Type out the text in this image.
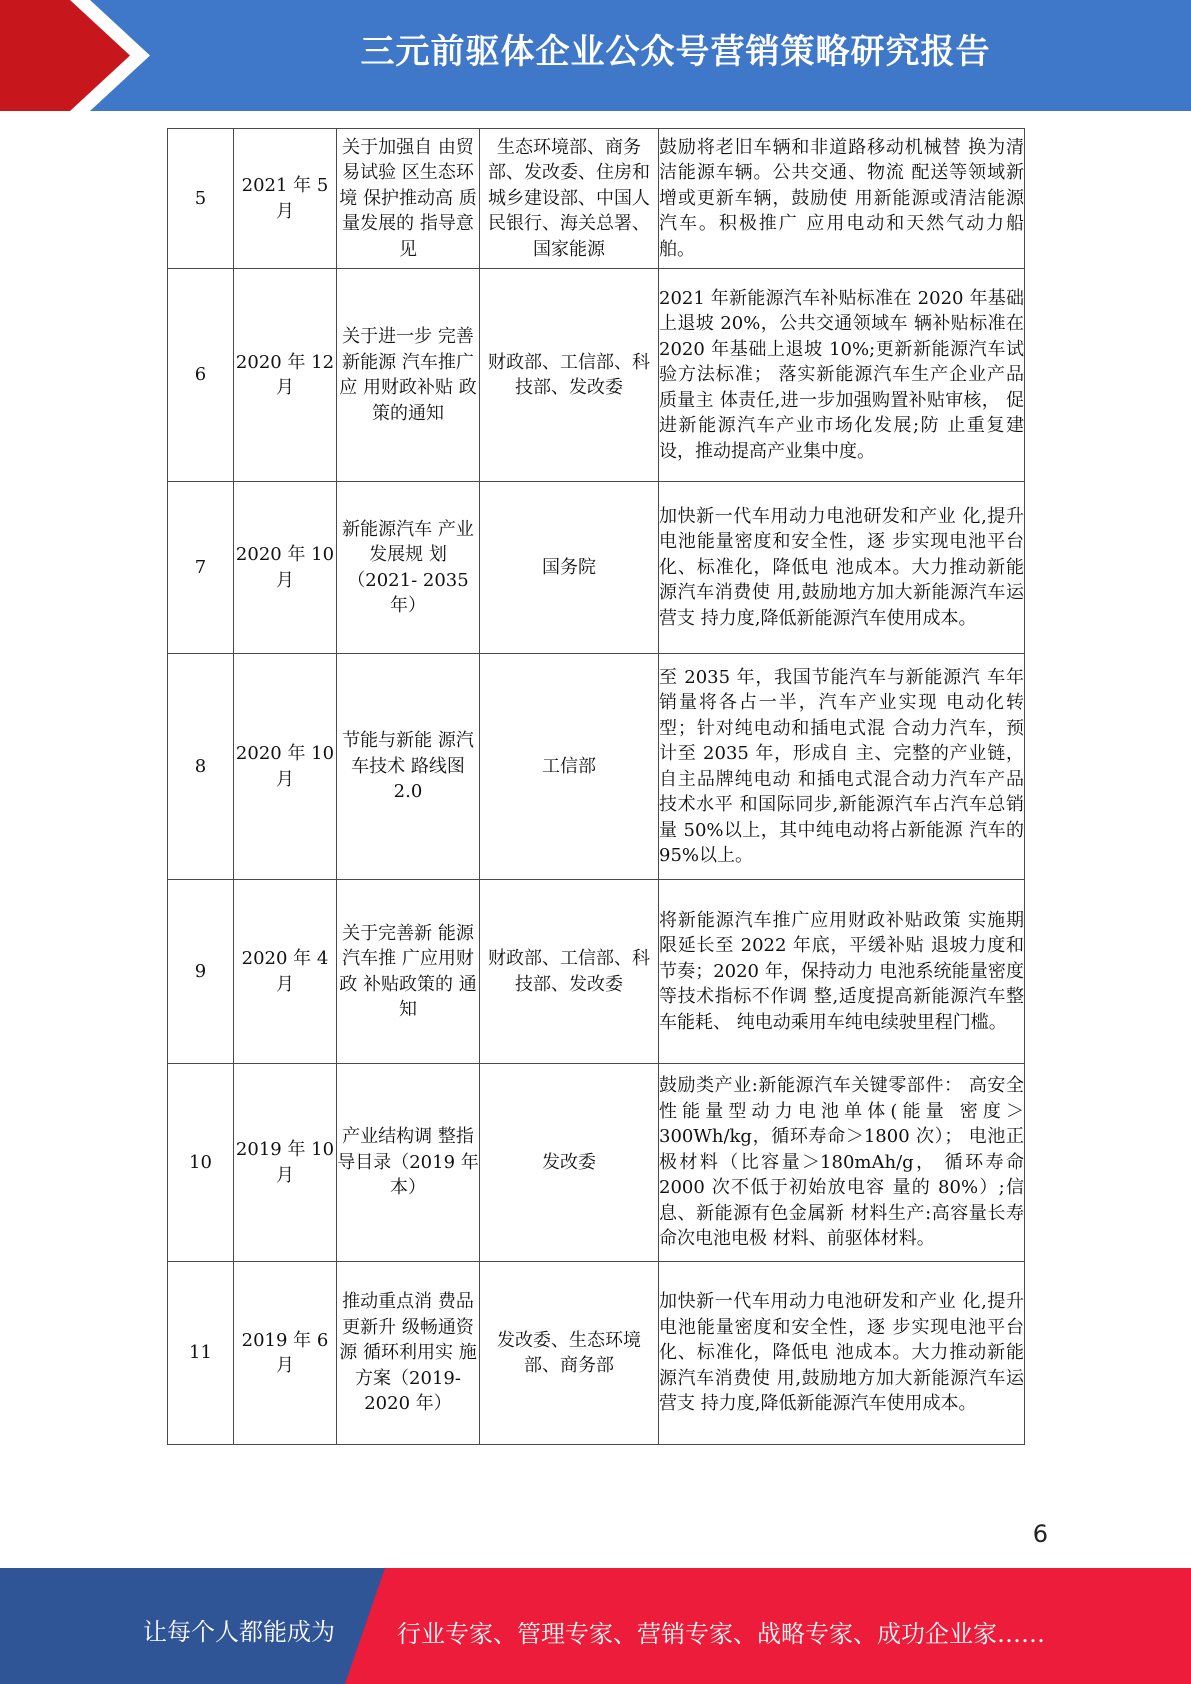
三元前驱体企业公众号营销策略研究报告
5	2021 年 5 月	关于加强自 由贸易试验 区生态环境 保护推动高 质量发展的 指导意见	生态环境部、商务部、发改委、住房和城乡建设部、中国人民银行、海关总署、国家能源	鼓励将老旧车辆和非道路移动机械替 换为清洁能源车辆。公共交通、物流 配送等领域新增或更新车辆，鼓励使 用新能源或清洁能源汽车。积极推广 应用电动和天然气动力船舶。
6	2020 年 12 月	关于进一步 完善新能源 汽车推广应 用财政补贴 政策的通知	财政部、工信部、科技部、发改委	2021 年新能源汽车补贴标准在 2020 年基础上退坡 20%，公共交通领域车 辆补贴标准在 2020 年基础上退坡 10%;更新新能源汽车试验方法标准； 落实新能源汽车生产企业产品质量主 体责任,进一步加强购置补贴审核， 促进新能源汽车产业市场化发展;防 止重复建设，推动提高产业集中度。
7	2020 年 10 月	新能源汽车 产业发展规 划（2021- 2035 年）	国务院	加快新一代车用动力电池研发和产业 化,提升电池能量密度和安全性，逐 步实现电池平台化、标准化，降低电 池成本。大力推动新能源汽车消费使 用,鼓励地方加大新能源汽车运营支 持力度,降低新能源汽车使用成本。
8	2020 年 10 月	节能与新能 源汽车技术 路线图 2.0	工信部	至 2035 年，我国节能汽车与新能源汽 车年销量将各占一半，汽车产业实现 电动化转型；针对纯电动和插电式混 合动力汽车，预计至 2035 年，形成自 主、完整的产业链，自主品牌纯电动 和插电式混合动力汽车产品技术水平 和国际同步,新能源汽车占汽车总销 量 50%以上，其中纯电动将占新能源 汽车的 95%以上。
9	2020 年 4 月	关于完善新 能源汽车推 广应用财政 补贴政策的 通知	财政部、工信部、科技部、发改委	将新能源汽车推广应用财政补贴政策 实施期限延长至 2022 年底，平缓补贴 退坡力度和节奏；2020 年，保持动力 电池系统能量密度等技术指标不作调 整,适度提高新能源汽车整车能耗、 纯电动乘用车纯电续驶里程门槛。
10	2019 年 10 月	产业结构调 整指导目录（2019 年本）	发改委	鼓励类产业:新能源汽车关键零部件： 高安全性能量型动力电池单体(能量 密度＞300Wh/kg，循环寿命＞1800 次）； 电池正极材料（比容量＞180mAh/g， 循环寿命 2000 次不低于初始放电容 量的 80%）;信息、新能源有色金属新 材料生产:高容量长寿命次电池电极 材料、前驱体材料。
11	2019 年 6 月	推动重点消 费品更新升 级畅通资源 循环利用实 施方案（2019-2020 年）	发改委、生态环境部、商务部	加快新一代车用动力电池研发和产业 化,提升电池能量密度和安全性，逐 步实现电池平台化、标准化，降低电 池成本。大力推动新能源汽车消费使 用,鼓励地方加大新能源汽车运营支 持力度,降低新能源汽车使用成本。
6
让每个人都能成为	行业专家、管理专家、营销专家、战略专家、成功企业家……
